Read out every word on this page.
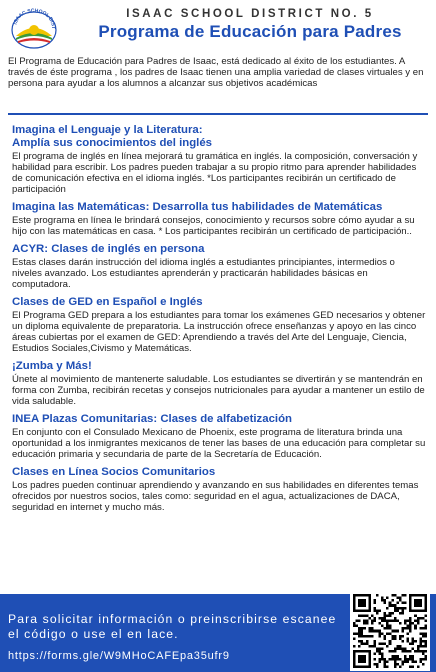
ISAAC SCHOOL DIST
ISAAC SCHOOL DISTRICT NO. 5
Programa de Educación para Padres

El Programa de Educación para Padres de Isaac, está dedicado al éxito de los estudiantes. A través de éste programa , los padres de Isaac tienen una amplia variedad de clases virtuales y en persona para ayudar a los alumnos a alcanzar sus objetivos académicas

Imagina el Lenguaje y la Literatura:
Amplía sus conocimientos del inglés

El programa de inglés en línea mejorará tu gramática en inglés. la composición, conversación y habilidad para escribir. Los padres pueden trabajar a su propio ritmo para aprender habilidades de comunicación efectiva en el idioma inglés. *Los participantes recibirán un certificado de participación

Imagina las Matemáticas: Desarrolla tus habilidades de Matemáticas

Este programa en línea le brindará consejos, conocimiento y recursos sobre cómo ayudar a su hijo con las matemáticas en casa. * Los participantes recibirán un certificado de participación..

ACYR: Clases de inglés en persona

Estas clases darán instrucción del idioma inglés a estudiantes principiantes, intermedios o niveles avanzado. Los estudiantes aprenderán y practicarán habilidades básicas en computadora.

Clases de GED en Español e Inglés

El Programa GED prepara a los estudiantes para tomar los exámenes GED necesarios y obtener un diploma equivalente de preparatoria. La instrucción ofrece enseñanzas y apoyo en las cinco áreas cubiertas por el examen de GED: Aprendiendo a través del Arte del Lenguaje, Ciencia, Estudios Sociales,Civismo y Matemáticas.

¡Zumba y Más!

Únete al movimiento de mantenerte saludable. Los estudiantes se divertirán y se mantendrán en forma con Zumba, recibirán recetas y consejos nutricionales para ayudar a mantener un estilo de vida saludable.

INEA Plazas Comunitarias: Clases de alfabetización

En conjunto con el Consulado Mexicano de Phoenix, este programa de literatura brinda una oportunidad a los inmigrantes mexicanos de tener las bases de una educación para completar su educación primaria y secundaria de parte de la Secretaría de Educación.

Clases en Línea Socios Comunitarios

Los padres pueden continuar aprendiendo y avanzando en sus habilidades en diferentes temas ofrecidos por nuestros socios, tales como: seguridad en el agua, actualizaciones de DACA, seguridad en internet y mucho más.

Para solicitar información o preinscribirse escanee el código o use el en lace.
https://forms.gle/W9MHoCAFEpa35ufr9
